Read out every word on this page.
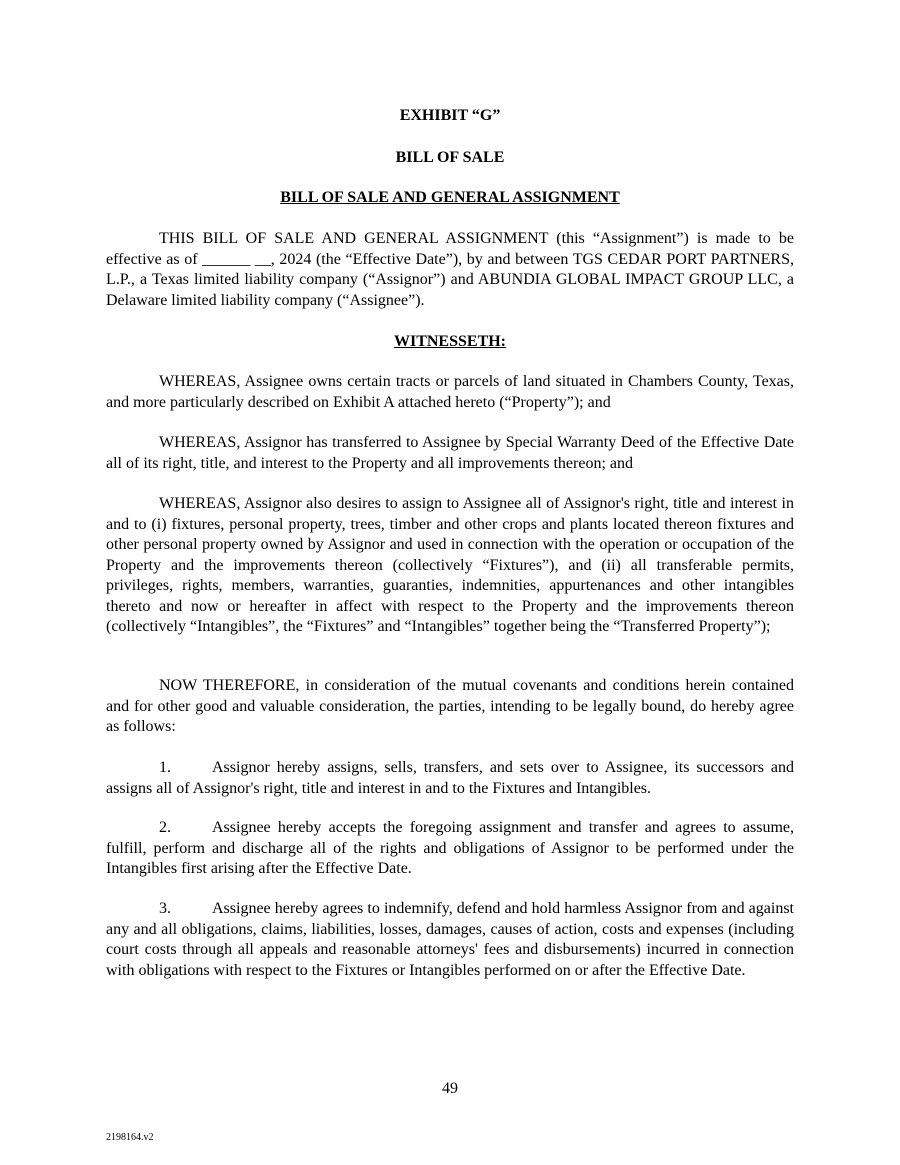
EXHIBIT “G”
BILL OF SALE
BILL OF SALE AND GENERAL ASSIGNMENT

THIS BILL OF SALE AND GENERAL ASSIGNMENT (this “Assignment”) is made to be effective as of ______ __, 2024 (the “Effective Date”), by and between TGS CEDAR PORT PARTNERS, L.P., a Texas limited liability company (“Assignor”) and ABUNDIA GLOBAL IMPACT GROUP LLC, a Delaware limited liability company (“Assignee”).

WITNESSETH:

WHEREAS, Assignee owns certain tracts or parcels of land situated in Chambers County, Texas, and more particularly described on Exhibit A attached hereto (“Property”); and

WHEREAS, Assignor has transferred to Assignee by Special Warranty Deed of the Effective Date all of its right, title, and interest to the Property and all improvements thereon; and

WHEREAS, Assignor also desires to assign to Assignee all of Assignor's right, title and interest in and to (i) fixtures, personal property, trees, timber and other crops and plants located thereon fixtures and other personal property owned by Assignor and used in connection with the operation or occupation of the Property and the improvements thereon (collectively “Fixtures”), and (ii) all transferable permits, privileges, rights, members, warranties, guaranties, indemnities, appurtenances and other intangibles thereto and now or hereafter in affect with respect to the Property and the improvements thereon (collectively “Intangibles”, the “Fixtures” and “Intangibles” together being the “Transferred Property”);

NOW THEREFORE, in consideration of the mutual covenants and conditions herein contained and for other good and valuable consideration, the parties, intending to be legally bound, do hereby agree as follows:

1.	Assignor hereby assigns, sells, transfers, and sets over to Assignee, its successors and assigns all of Assignor's right, title and interest in and to the Fixtures and Intangibles.

2.	Assignee hereby accepts the foregoing assignment and transfer and agrees to assume, fulfill, perform and discharge all of the rights and obligations of Assignor to be performed under the Intangibles first arising after the Effective Date.

3.	Assignee hereby agrees to indemnify, defend and hold harmless Assignor from and against any and all obligations, claims, liabilities, losses, damages, causes of action, costs and expenses (including court costs through all appeals and reasonable attorneys' fees and disbursements) incurred in connection with obligations with respect to the Fixtures or Intangibles performed on or after the Effective Date.

49
2198164.v2
